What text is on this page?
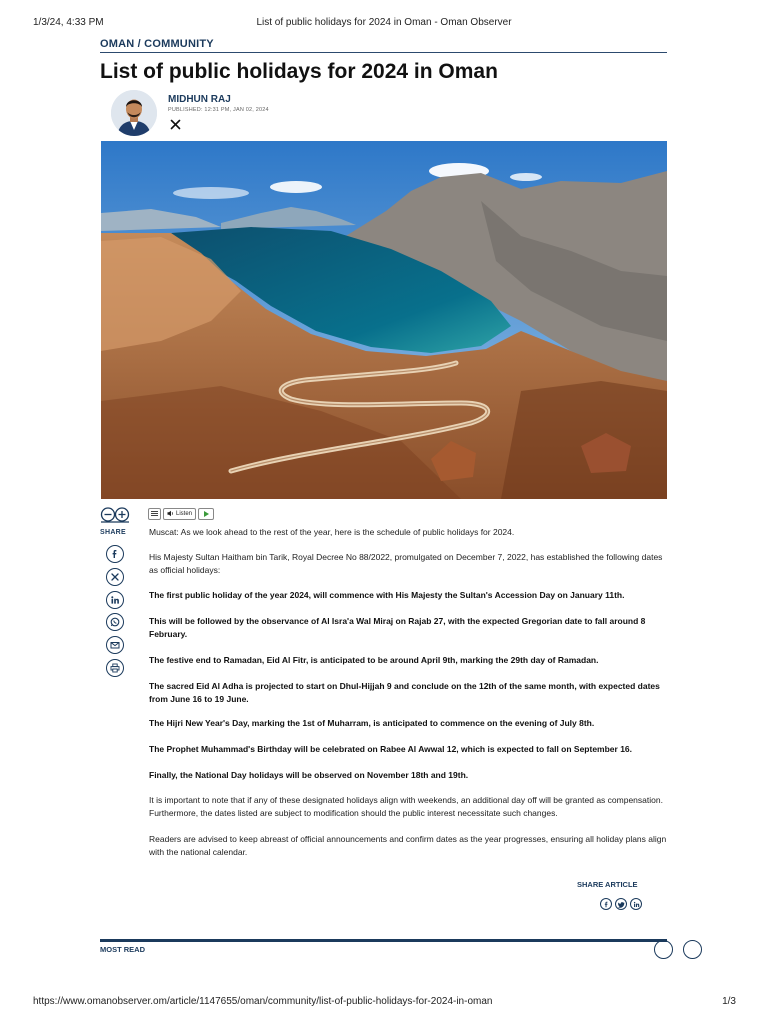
1/3/24, 4:33 PM	List of public holidays for 2024 in Oman - Oman Observer
OMAN / COMMUNITY
List of public holidays for 2024 in Oman
MIDHUN RAJ
PUBLISHED: 12:31 PM, JAN 02, 2024
SHARE
Listen

Muscat: As we look ahead to the rest of the year, here is the schedule of public holidays for 2024.

His Majesty Sultan Haitham bin Tarik, Royal Decree No 88/2022, promulgated on December 7, 2022, has established the following dates as official holidays:

The first public holiday of the year 2024, will commence with His Majesty the Sultan's Accession Day on January 11th.

This will be followed by the observance of Al Isra'a Wal Miraj on Rajab 27, with the expected Gregorian date to fall around 8 February.

The festive end to Ramadan, Eid Al Fitr, is anticipated to be around April 9th, marking the 29th day of Ramadan.

The sacred Eid Al Adha is projected to start on Dhul-Hijjah 9 and conclude on the 12th of the same month, with expected dates from June 16 to 19 June.

The Hijri New Year's Day, marking the 1st of Muharram, is anticipated to commence on the evening of July 8th.

The Prophet Muhammad's Birthday will be celebrated on Rabee Al Awwal 12, which is expected to fall on September 16.

Finally, the National Day holidays will be observed on November 18th and 19th.

It is important to note that if any of these designated holidays align with weekends, an additional day off will be granted as compensation. Furthermore, the dates listed are subject to modification should the public interest necessitate such changes.

Readers are advised to keep abreast of official announcements and confirm dates as the year progresses, ensuring all holiday plans align with the national calendar.

SHARE ARTICLE
MOST READ
https://www.omanobserver.om/article/1147655/oman/community/list-of-public-holidays-for-2024-in-oman	1/3
